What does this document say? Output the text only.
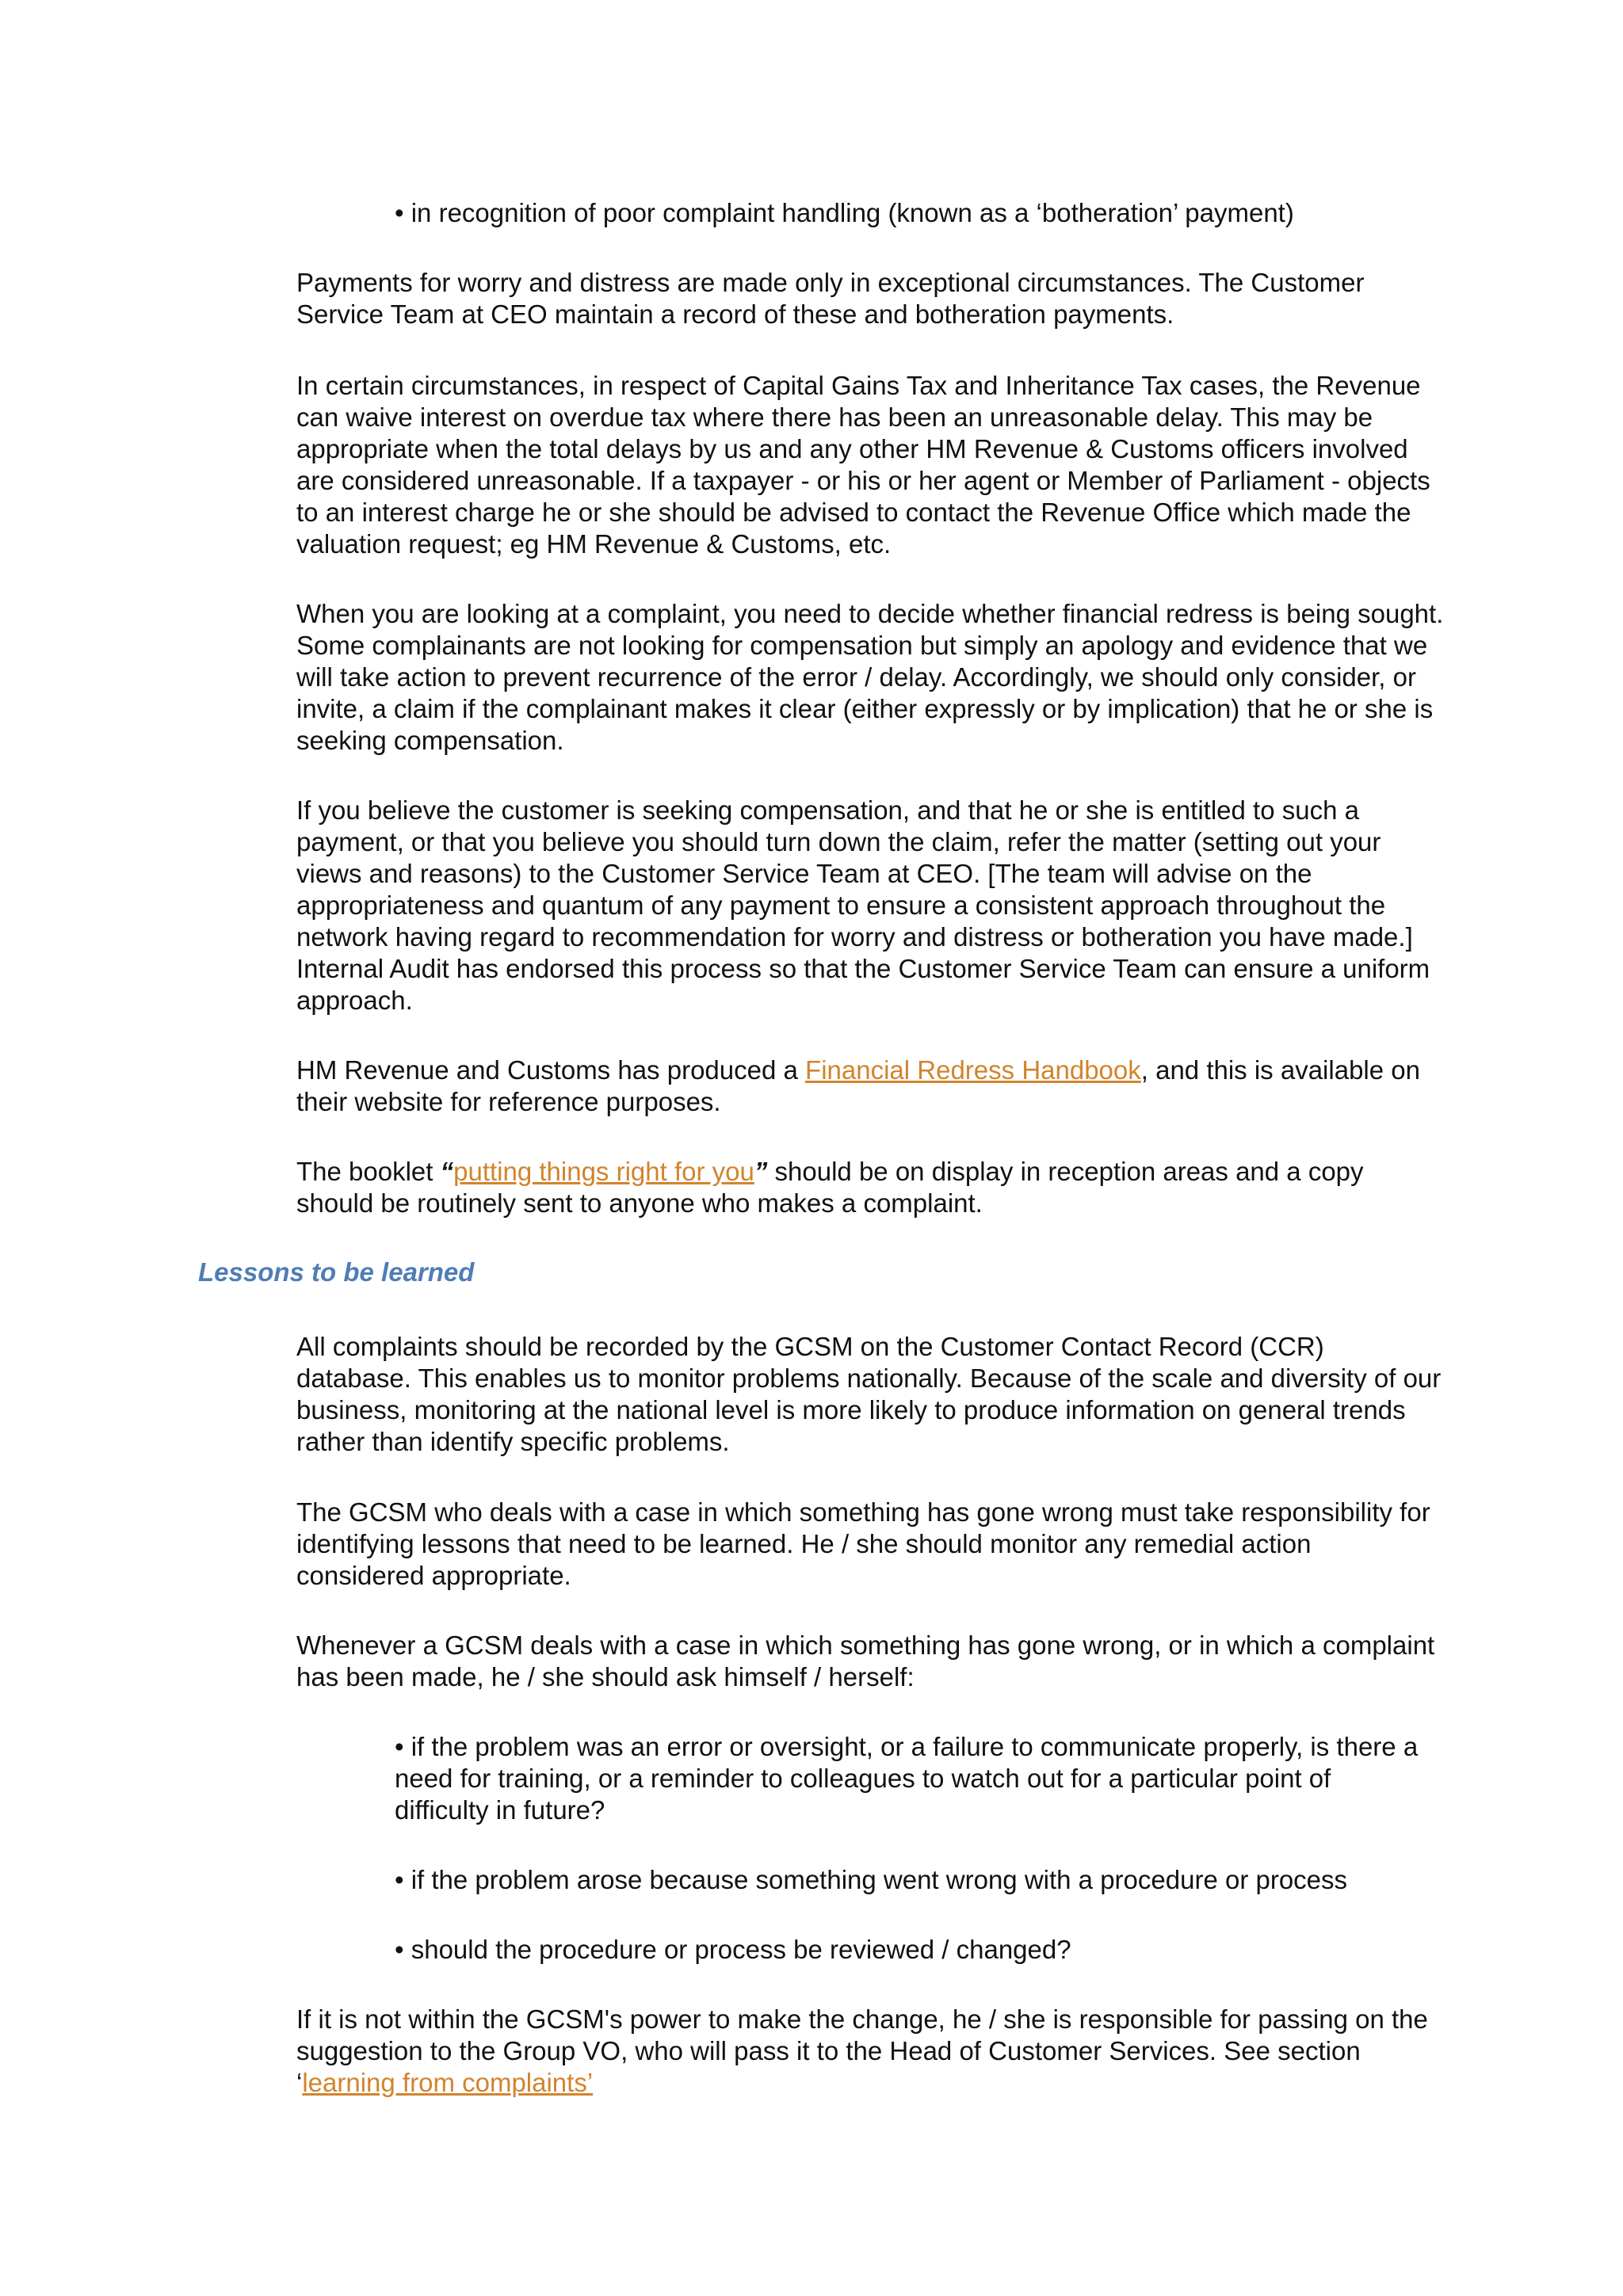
• in recognition of poor complaint handling (known as a ‘botheration’ payment)

Payments for worry and distress are made only in exceptional circumstances. The Customer Service Team at CEO maintain a record of these and botheration payments.

In certain circumstances, in respect of Capital Gains Tax and Inheritance Tax cases, the Revenue can waive interest on overdue tax where there has been an unreasonable delay. This may be appropriate when the total delays by us and any other HM Revenue & Customs officers involved are considered unreasonable. If a taxpayer - or his or her agent or Member of Parliament - objects to an interest charge he or she should be advised to contact the Revenue Office which made the valuation request; eg HM Revenue & Customs, etc.

When you are looking at a complaint, you need to decide whether financial redress is being sought. Some complainants are not looking for compensation but simply an apology and evidence that we will take action to prevent recurrence of the error / delay. Accordingly, we should only consider, or invite, a claim if the complainant makes it clear (either expressly or by implication) that he or she is seeking compensation.

If you believe the customer is seeking compensation, and that he or she is entitled to such a payment, or that you believe you should turn down the claim, refer the matter (setting out your views and reasons) to the Customer Service Team at CEO. [The team will advise on the appropriateness and quantum of any payment to ensure a consistent approach throughout the network having regard to recommendation for worry and distress or botheration you have made.] Internal Audit has endorsed this process so that the Customer Service Team can ensure a uniform approach.

HM Revenue and Customs has produced a Financial Redress Handbook, and this is available on their website for reference purposes.

The booklet “putting things right for you” should be on display in reception areas and a copy should be routinely sent to anyone who makes a complaint.

Lessons to be learned

All complaints should be recorded by the GCSM on the Customer Contact Record (CCR) database. This enables us to monitor problems nationally. Because of the scale and diversity of our business, monitoring at the national level is more likely to produce information on general trends rather than identify specific problems.

The GCSM who deals with a case in which something has gone wrong must take responsibility for identifying lessons that need to be learned. He / she should monitor any remedial action considered appropriate.

Whenever a GCSM deals with a case in which something has gone wrong, or in which a complaint has been made, he / she should ask himself / herself:

• if the problem was an error or oversight, or a failure to communicate properly, is there a need for training, or a reminder to colleagues to watch out for a particular point of difficulty in future?

• if the problem arose because something went wrong with a procedure or process

• should the procedure or process be reviewed / changed?

If it is not within the GCSM's power to make the change, he / she is responsible for passing on the suggestion to the Group VO, who will pass it to the Head of Customer Services. See section ‘learning from complaints’
